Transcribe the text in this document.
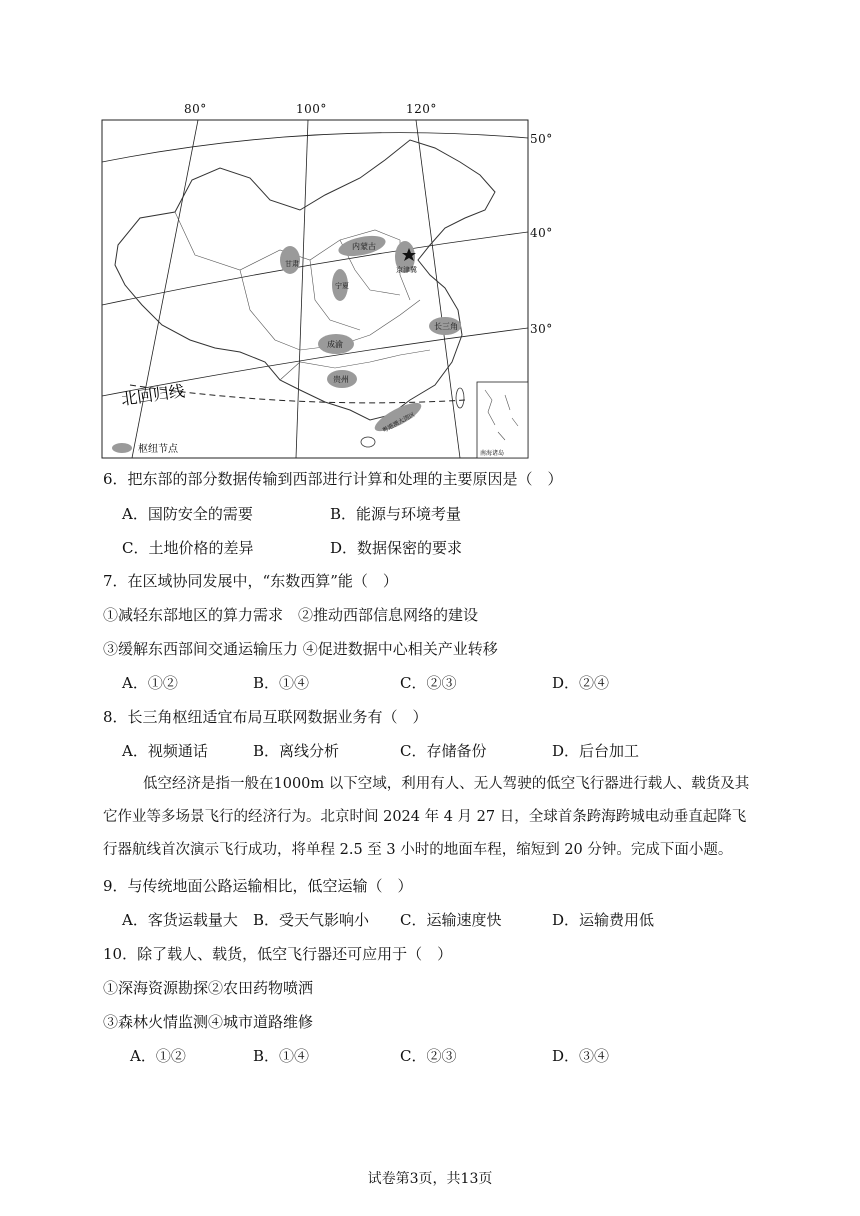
80°	100°	120°
50°
40°
30°
内蒙古
京津冀
甘肃
宁夏
长三角
成渝
贵州
粤港澳大湾区
北回归线
枢纽节点	南海诸岛
6．把东部的部分数据传输到西部进行计算和处理的主要原因是（　）
A．国防安全的需要	B．能源与环境考量
C．土地价格的差异	D．数据保密的要求
7．在区域协同发展中，“东数西算”能（　）
①减轻东部地区的算力需求　②推动西部信息网络的建设
③缓解东西部间交通运输压力 ④促进数据中心相关产业转移
A．①②	B．①④	C．②③	D．②④
8．长三角枢纽适宜布局互联网数据业务有（　）
A．视频通话	B．离线分析	C．存储备份	D．后台加工

低空经济是指一般在1000m 以下空域，利用有人、无人驾驶的低空飞行器进行载人、载货及其

它作业等多场景飞行的经济行为。北京时间 2024 年 4 月 27 日，全球首条跨海跨城电动垂直起降飞

行器航线首次演示飞行成功，将单程 2.5 至 3 小时的地面车程，缩短到 20 分钟。完成下面小题。

9．与传统地面公路运输相比，低空运输（　）
A．客货运载量大 B．受天气影响小 C．运输速度快	D．运输费用低
10．除了载人、载货，低空飞行器还可应用于（　）
①深海资源勘探②农田药物喷洒
③森林火情监测④城市道路维修
A．①②	B．①④	C．②③	D．③④
试卷第3页，共13页
